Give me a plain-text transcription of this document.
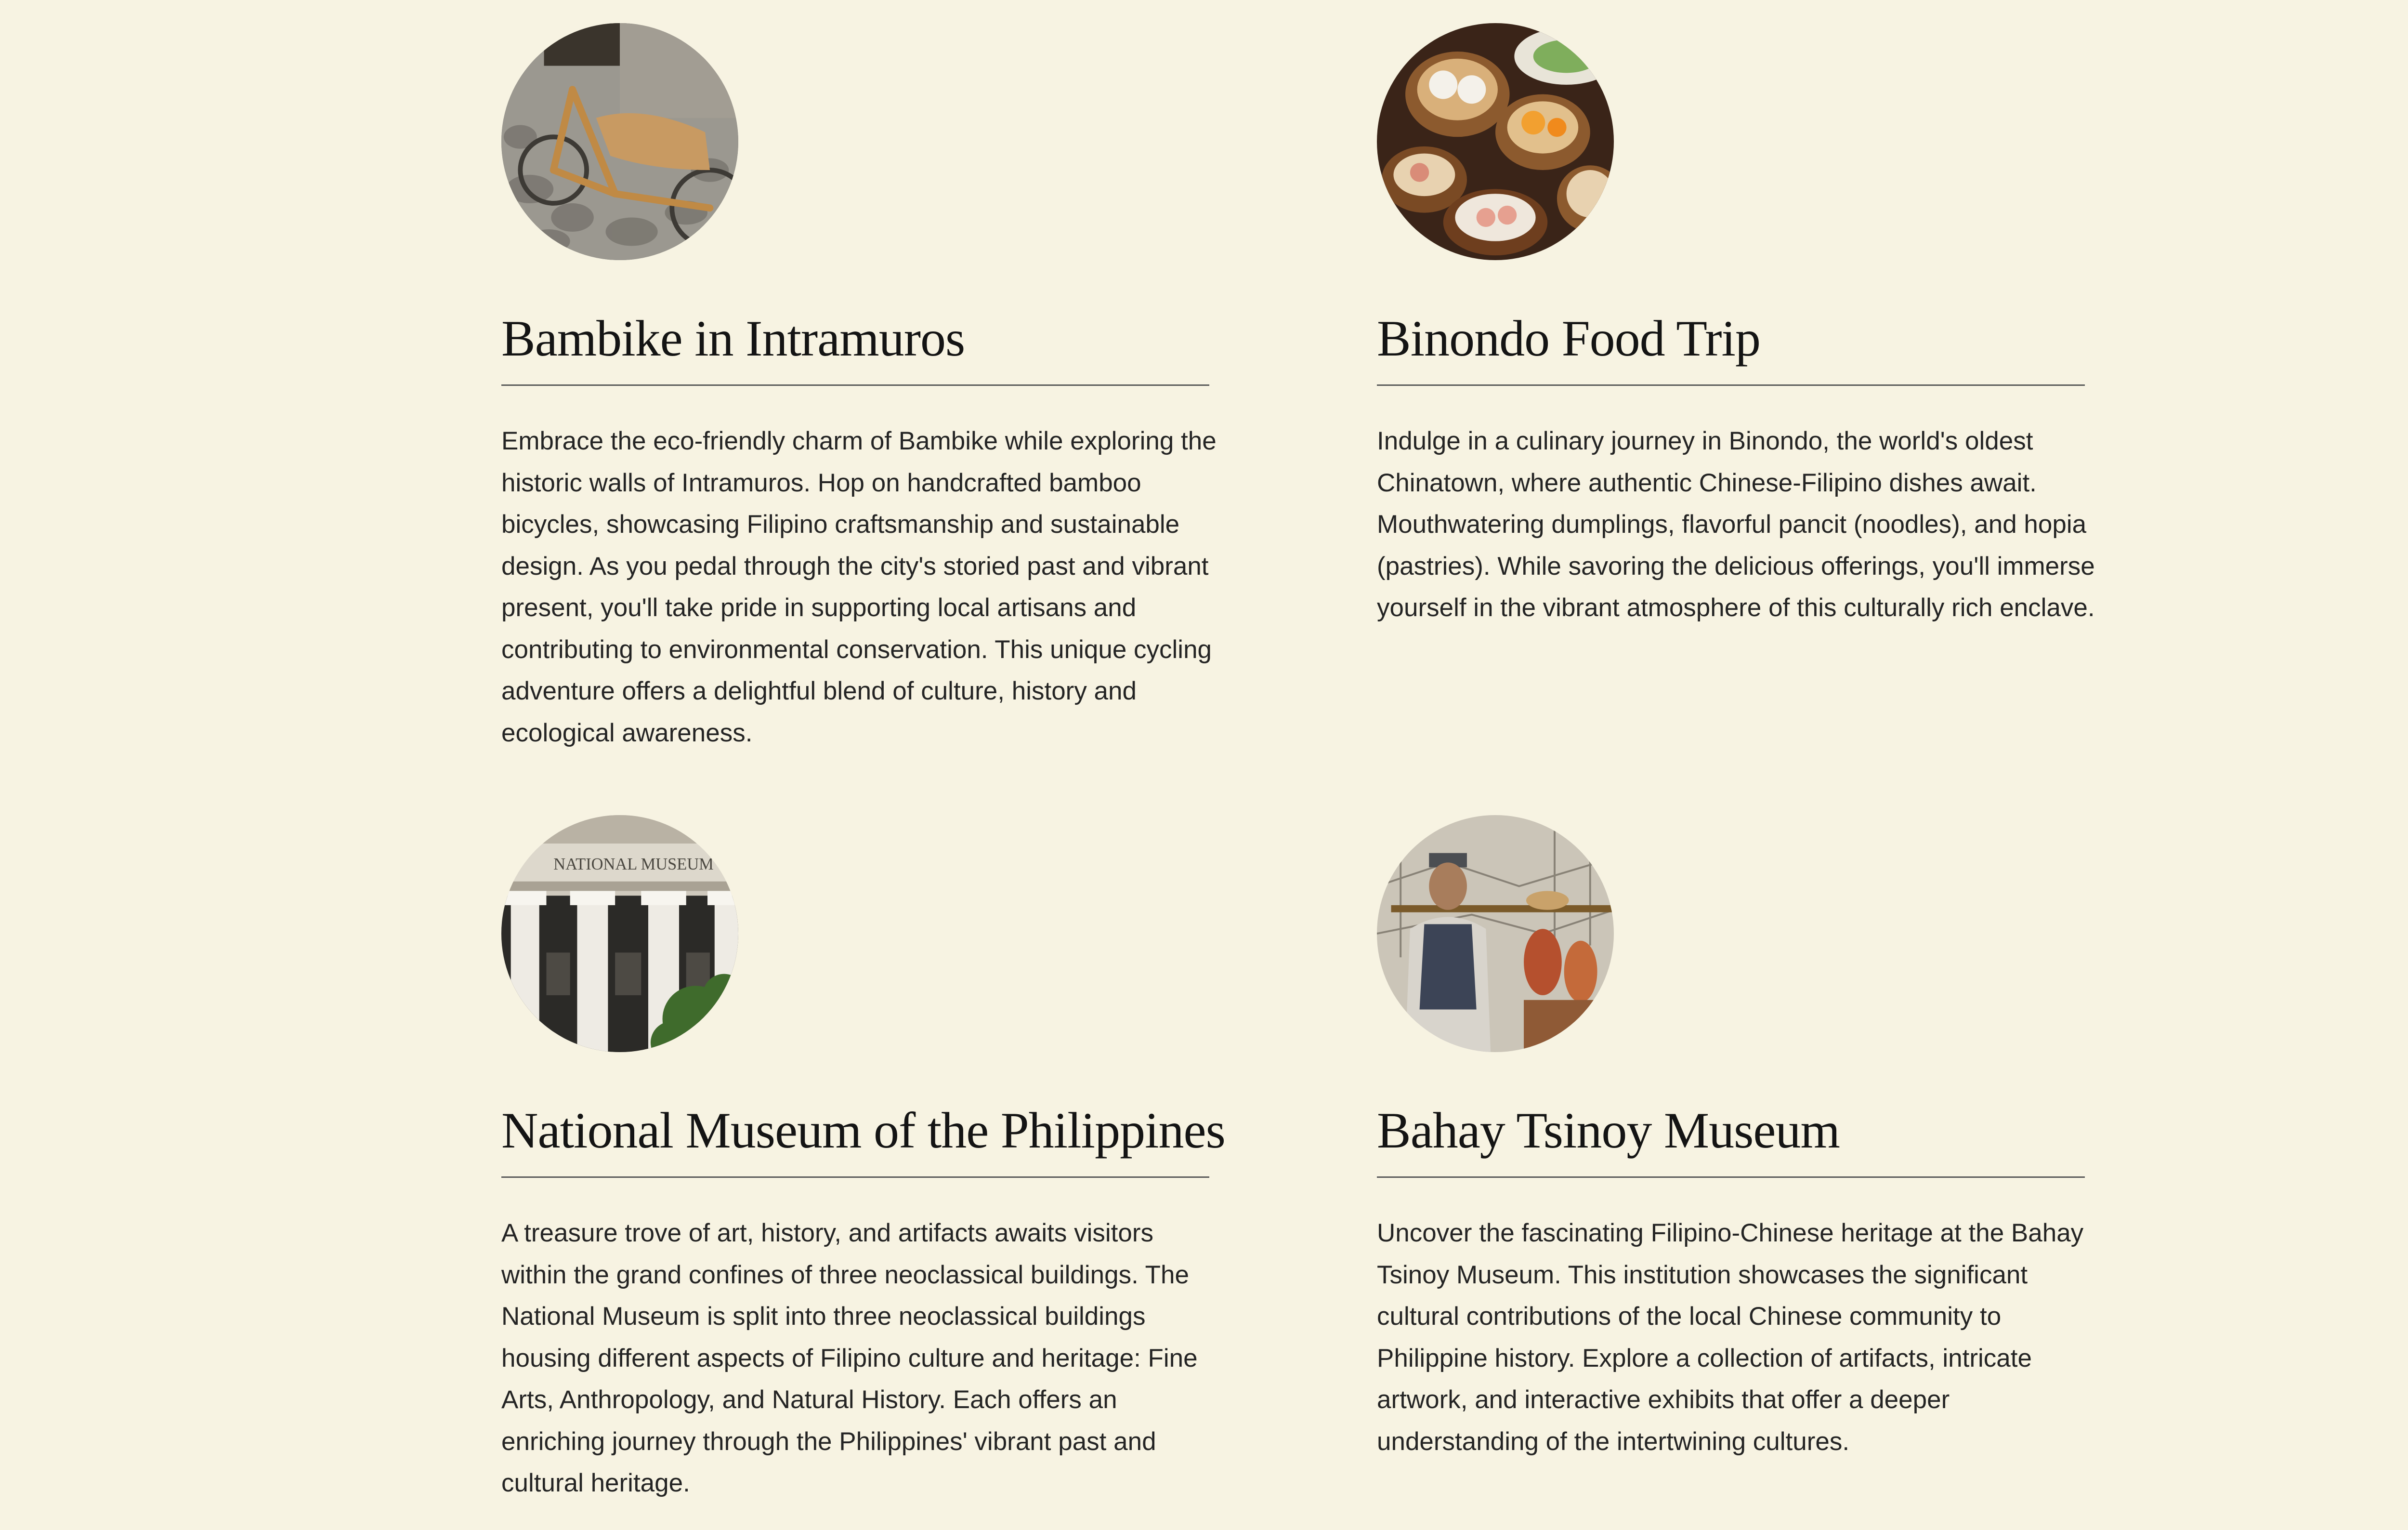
Bambike in Intramuros

Embrace the eco-friendly charm of Bambike while exploring the historic walls of Intramuros. Hop on handcrafted bamboo bicycles, showcasing Filipino craftsmanship and sustainable design. As you pedal through the city's storied past and vibrant present, you'll take pride in supporting local artisans and contributing to environmental conservation. This unique cycling adventure offers a delightful blend of culture, history and ecological awareness.

Binondo Food Trip

Indulge in a culinary journey in Binondo, the world's oldest Chinatown, where authentic Chinese-Filipino dishes await. Mouthwatering dumplings, flavorful pancit (noodles), and hopia (pastries). While savoring the delicious offerings, you'll immerse yourself in the vibrant atmosphere of this culturally rich enclave.

NATIONAL MUSEUM
National Museum of the Philippines

A treasure trove of art, history, and artifacts awaits visitors within the grand confines of three neoclassical buildings. The National Museum is split into three neoclassical buildings housing different aspects of Filipino culture and heritage: Fine Arts, Anthropology, and Natural History. Each offers an enriching journey through the Philippines' vibrant past and cultural heritage.

Bahay Tsinoy Museum

Uncover the fascinating Filipino-Chinese heritage at the Bahay Tsinoy Museum. This institution showcases the significant cultural contributions of the local Chinese community to Philippine history. Explore a collection of artifacts, intricate artwork, and interactive exhibits that offer a deeper understanding of the intertwining cultures.
